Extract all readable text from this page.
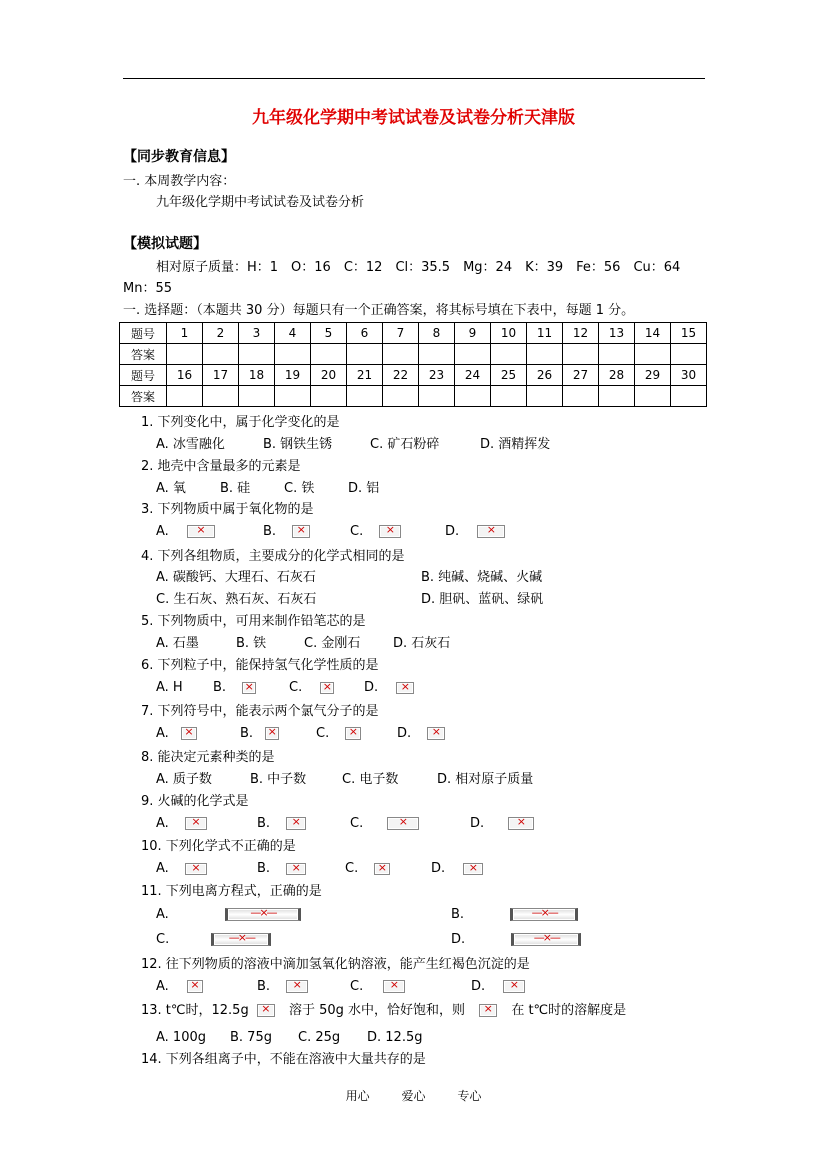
九年级化学期中考试试卷及试卷分析天津版
【同步教育信息】
一. 本周教学内容：
九年级化学期中考试试卷及试卷分析
【模拟试题】
相对原子质量：H：1　O：16　C：12　Cl：35.5　Mg：24　K：39　Fe：56　Cu：64
Mn：55
一. 选择题：（本题共 30 分）每题只有一个正确答案，将其标号填在下表中，每题 1 分。
题号	1	2	3	4	5	6	7	8	9	10	11	12	13	14	15
答案															
题号	16	17	18	19	20	21	22	23	24	25	26	27	28	29	30
答案															
1. 下列变化中，属于化学变化的是
A. 冰雪融化	B. 钢铁生锈	C. 矿石粉碎	D. 酒精挥发
2. 地壳中含量最多的元素是
A. 氧	B. 硅	C. 铁	D. 铝
3. 下列物质中属于氧化物的是
A. ×	B. ×	C. ×	D. ×
4. 下列各组物质，主要成分的化学式相同的是
A. 碳酸钙、大理石、石灰石	B. 纯碱、烧碱、火碱
C. 生石灰、熟石灰、石灰石	D. 胆矾、蓝矾、绿矾
5. 下列物质中，可用来制作铅笔芯的是
A. 石墨	B. 铁	C. 金刚石	D. 石灰石
6. 下列粒子中，能保持氢气化学性质的是
A. H B. ×	C. ×	D. ×
7. 下列符号中，能表示两个氯气分子的是
A. ×	B. ×	C. ×	D. ×
8. 能决定元素种类的是
A. 质子数	B. 中子数	C. 电子数	D. 相对原子质量
9. 火碱的化学式是
A. ×	B. ×	C. ×	D. ×
10. 下列化学式不正确的是
A. ×	B. ×	C. ×	D. ×
11. 下列电离方程式，正确的是
A. —×—	B. —×—
C. —×—	D. —×—
12. 往下列物质的溶液中滴加氢氧化钠溶液，能产生红褐色沉淀的是
A. ×	B. ×	C. ×	D. ×
13. t℃时，12.5g ×	溶于 50g 水中，恰好饱和，则 ×	在 t℃时的溶解度是
A. 100g B. 75g C. 25g D. 12.5g
14. 下列各组离子中，不能在溶液中大量共存的是
用心	爱心	专心
